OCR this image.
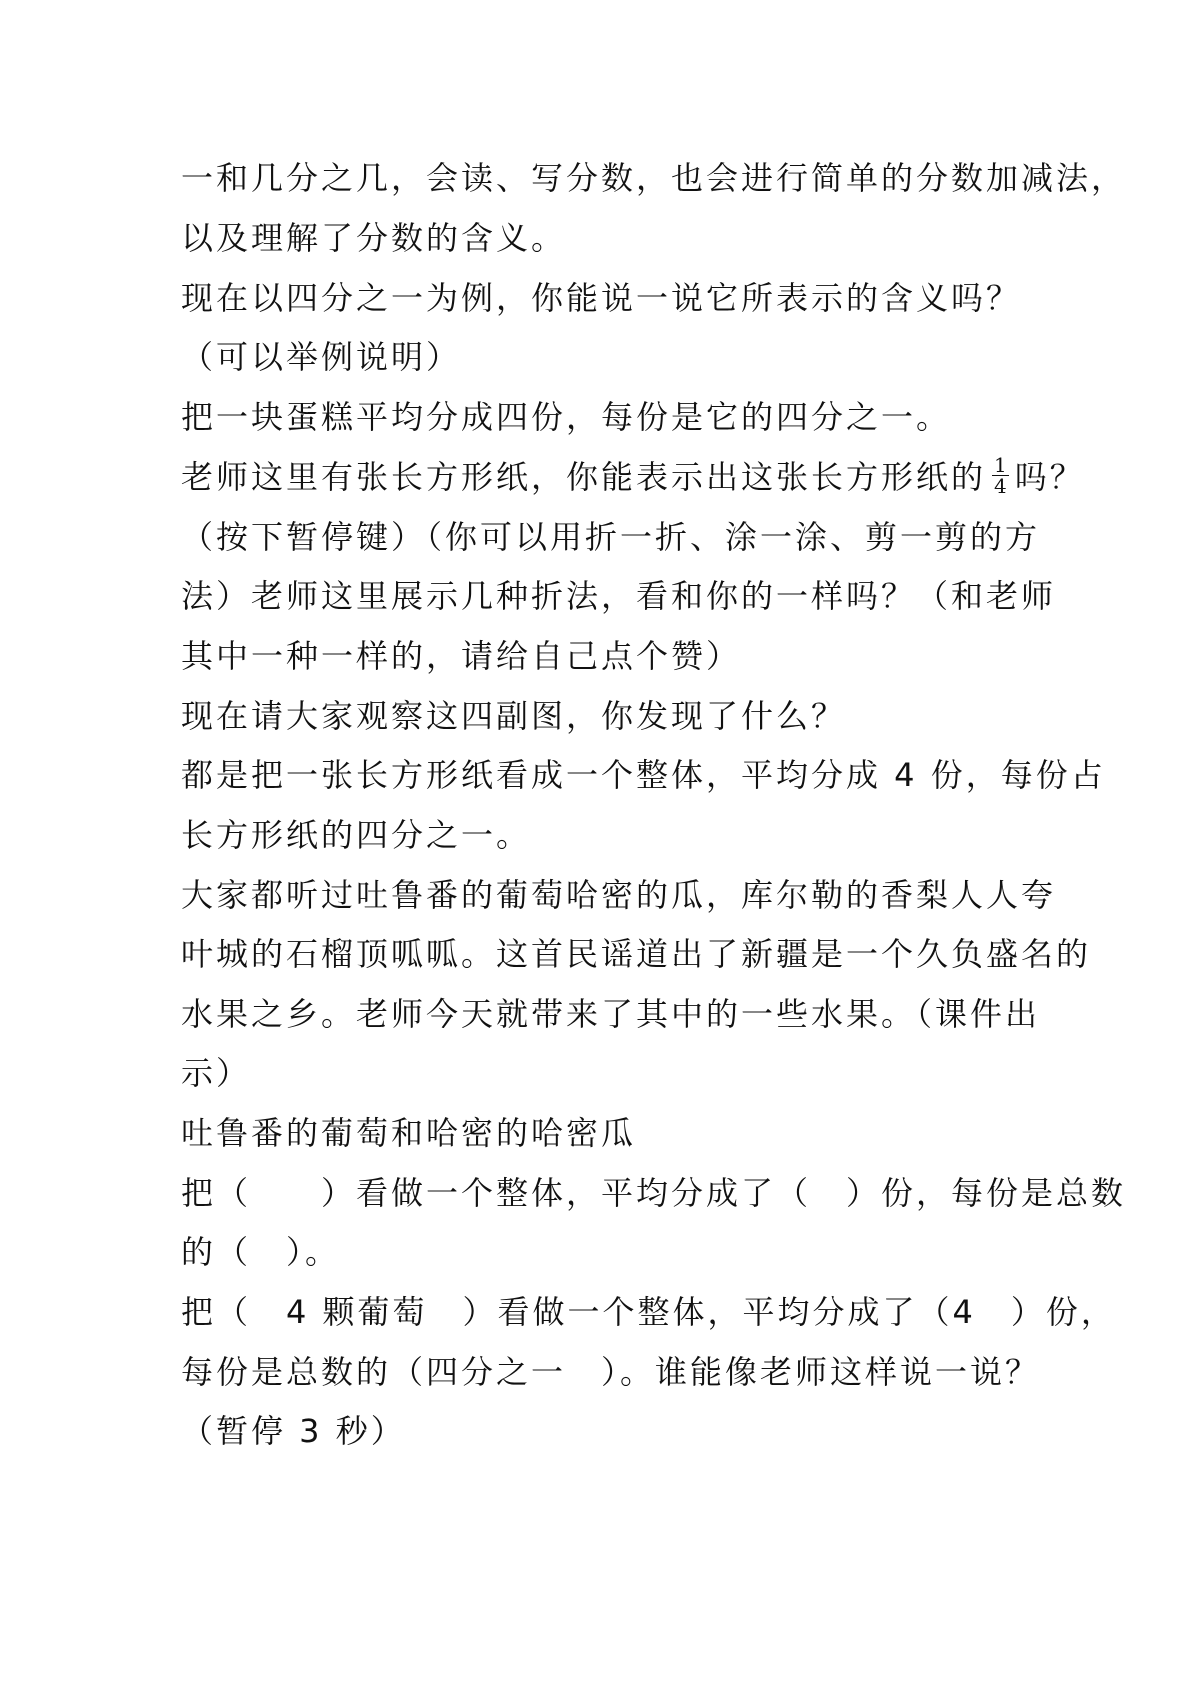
一和几分之几，会读、写分数，也会进行简单的分数加减法，
以及理解了分数的含义。
现在以四分之一为例，你能说一说它所表示的含义吗？
（可以举例说明）
把一块蛋糕平均分成四份，每份是它的四分之一。
老师这里有张长方形纸，你能表示出这张长方形纸的 $\frac{1}{4}$ 吗？
（按下暂停键）（你可以用折一折、涂一涂、剪一剪的方
法）老师这里展示几种折法，看和你的一样吗？（和老师
其中一种一样的，请给自己点个赞）
现在请大家观察这四副图，你发现了什么？
都是把一张长方形纸看成一个整体，平均分成 4 份，每份占
长方形纸的四分之一。
大家都听过吐鲁番的葡萄哈密的瓜，库尔勒的香梨人人夸
叶城的石榴顶呱呱。这首民谣道出了新疆是一个久负盛名的
水果之乡。老师今天就带来了其中的一些水果。（课件出
示）
吐鲁番的葡萄和哈密的哈密瓜
把（　　）看做一个整体，平均分成了（　）份，每份是总数
的（　）。
把（　4 颗葡萄　）看做一个整体，平均分成了（4　）份，
每份是总数的（四分之一　）。谁能像老师这样说一说？
（暂停 3 秒）
